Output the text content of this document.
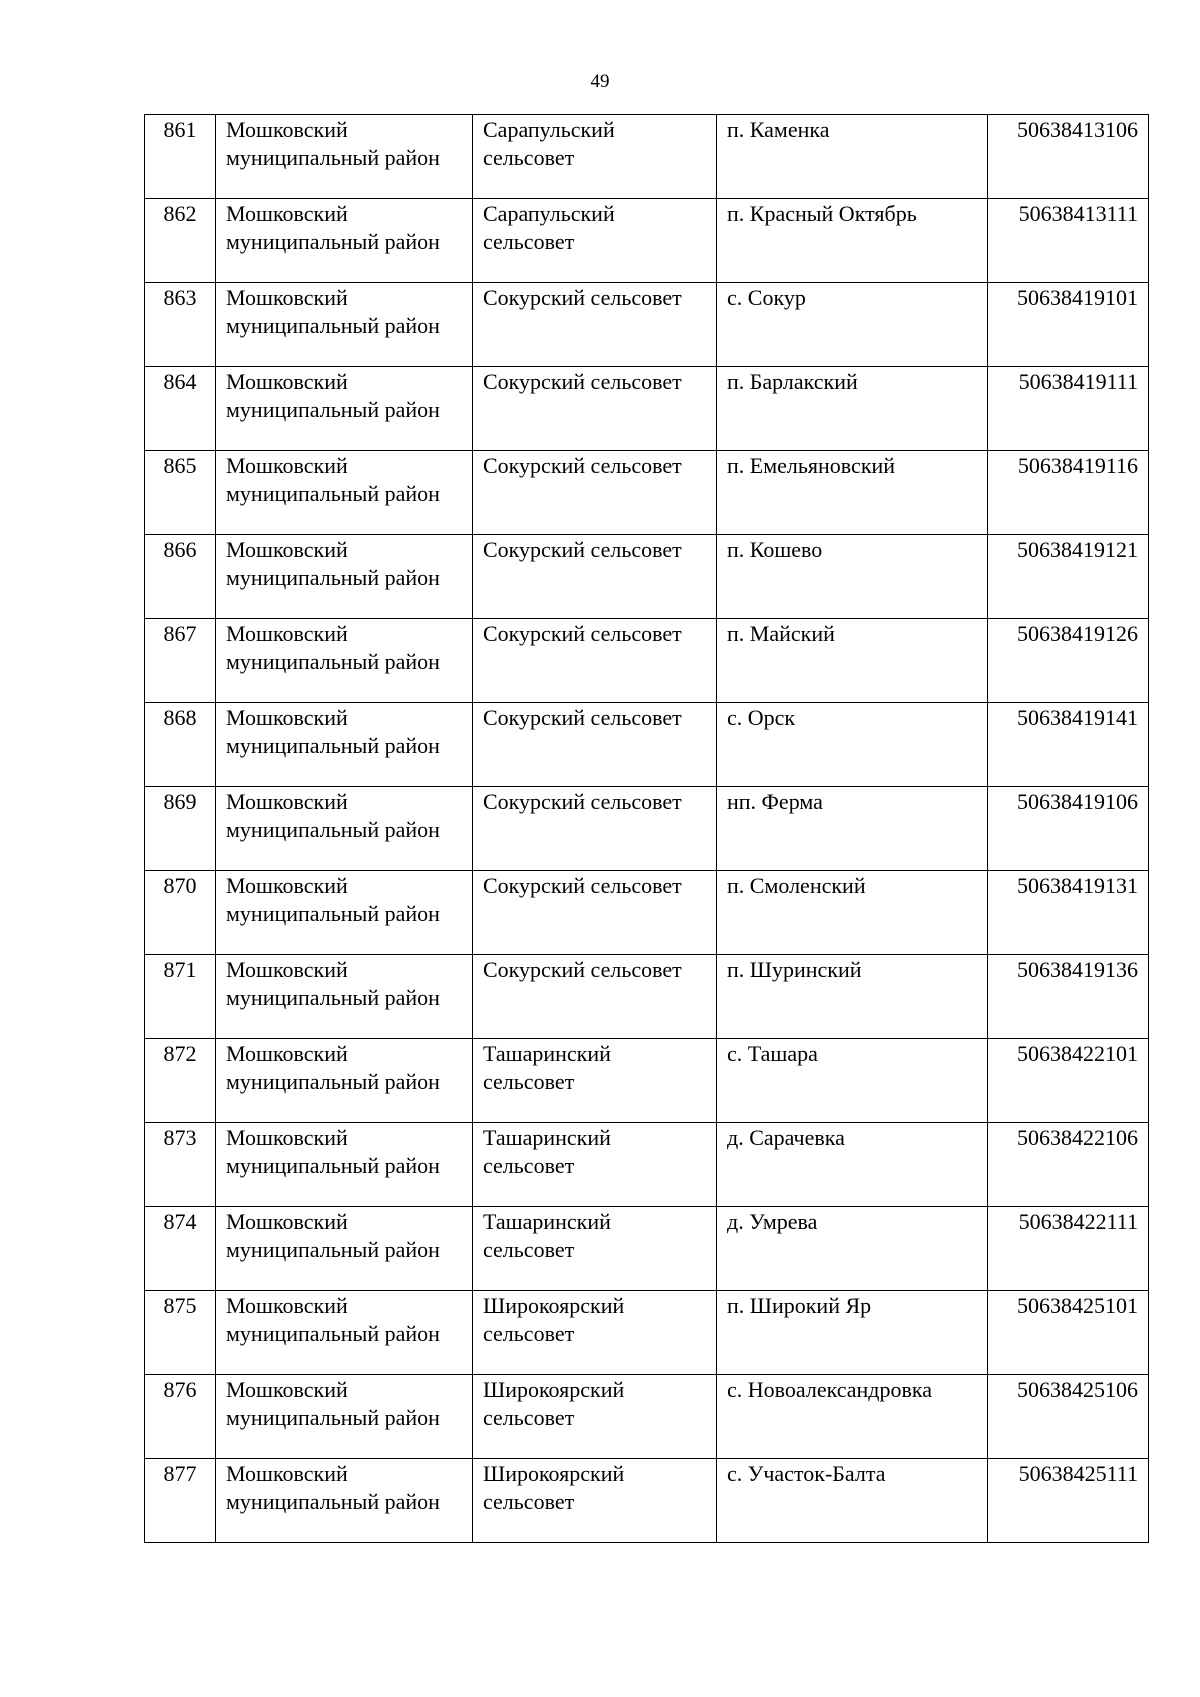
49
861	Мошковский муниципальный район	Сарапульский сельсовет	п. Каменка	50638413106
862	Мошковский муниципальный район	Сарапульский сельсовет	п. Красный Октябрь	50638413111
863	Мошковский муниципальный район	Сокурский сельсовет	с. Сокур	50638419101
864	Мошковский муниципальный район	Сокурский сельсовет	п. Барлакский	50638419111
865	Мошковский муниципальный район	Сокурский сельсовет	п. Емельяновский	50638419116
866	Мошковский муниципальный район	Сокурский сельсовет	п. Кошево	50638419121
867	Мошковский муниципальный район	Сокурский сельсовет	п. Майский	50638419126
868	Мошковский муниципальный район	Сокурский сельсовет	с. Орск	50638419141
869	Мошковский муниципальный район	Сокурский сельсовет	нп. Ферма	50638419106
870	Мошковский муниципальный район	Сокурский сельсовет	п. Смоленский	50638419131
871	Мошковский муниципальный район	Сокурский сельсовет	п. Шуринский	50638419136
872	Мошковский муниципальный район	Ташаринский сельсовет	с. Ташара	50638422101
873	Мошковский муниципальный район	Ташаринский сельсовет	д. Сарачевка	50638422106
874	Мошковский муниципальный район	Ташаринский сельсовет	д. Умрева	50638422111
875	Мошковский муниципальный район	Широкоярский сельсовет	п. Широкий Яр	50638425101
876	Мошковский муниципальный район	Широкоярский сельсовет	с. Новоалександровка	50638425106
877	Мошковский муниципальный район	Широкоярский сельсовет	с. Участок-Балта	50638425111
